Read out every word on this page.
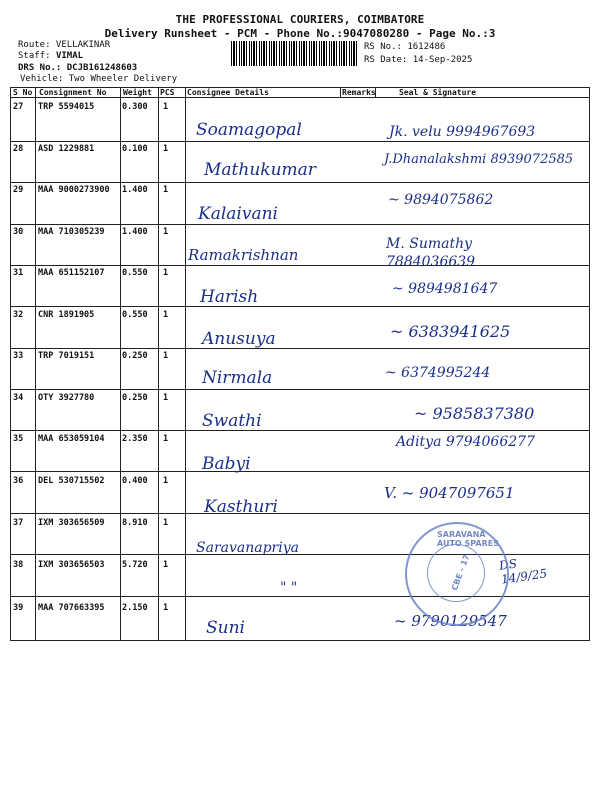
THE PROFESSIONAL COURIERS, COIMBATORE
Delivery Runsheet - PCM - Phone No.:9047080280 - Page No.:3
Route: VELLAKINAR
Staff: VIMAL
DRS No.: DCJB161248603
Vehicle: Two Wheeler Delivery
RS No.: 1612486
RS Date: 14-Sep-2025
S No Consignment No Weight PCS Consignee Details	Remarks	Seal & Signature
27 TRP 5594015	0.300 1
Soamagopal	Jk. velu 9994967693
28 ASD 1229881	0.100 1
Mathukumar
J.Dhanalakshmi 8939072585
29 MAA 9000273900 1.400 1
Kalaivani
~ 9894075862
30 MAA 710305239 1.400 1
Ramakrishnan
M. Sumathy 7884036639
31 MAA 651152107 0.550 1
Harish	~ 9894981647
32 CNR 1891905	0.550 1
Anusuya	~ 6383941625
33 TRP 7019151	0.250 1
Nirmala	~ 6374995244
34 OTY 3927780	0.250 1
Swathi	~ 9585837380
35 MAA 653059104 2.350 1
Babyi
Aditya 9794066277
36 DEL 530715502 0.400 1
Kasthuri
V. ~ 9047097651
37 IXM 303656509 8.910 1
Saravanapriya
38 IXM 303656503 5.720 1
" "
DS 14/9/25
39 MAA 707663395 2.150 1
Suni	~ 9790129547
SARAVANA AUTO SPARES
CBE - 17
